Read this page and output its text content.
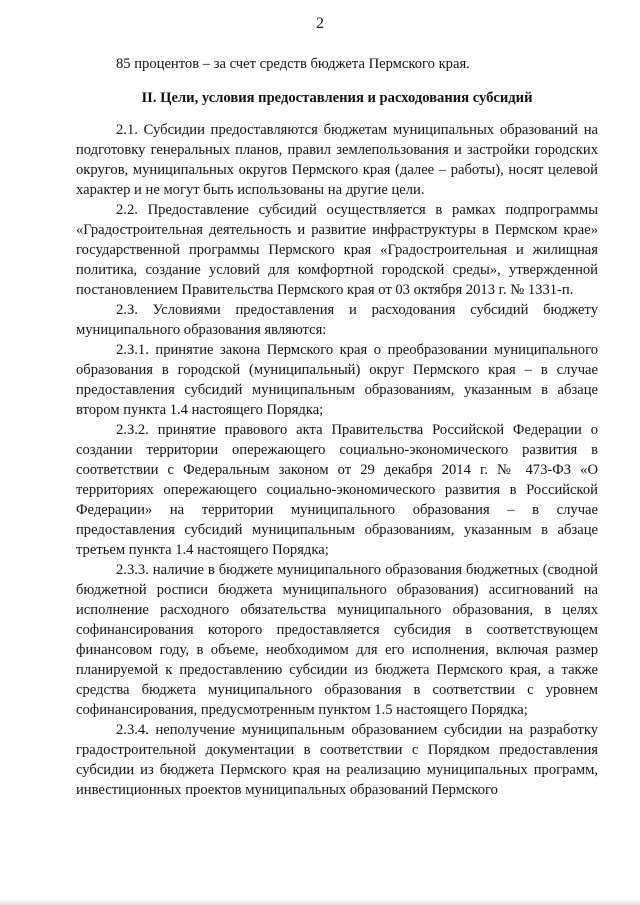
2

85 процентов – за счет средств бюджета Пермского края.

II. Цели, условия предоставления и расходования субсидий

2.1. Субсидии предоставляются бюджетам муниципальных образований на подготовку генеральных планов, правил землепользования и застройки городских округов, муниципальных округов Пермского края (далее – работы), носят целевой характер и не могут быть использованы на другие цели.

2.2. Предоставление субсидий осуществляется в рамках подпрограммы «Градостроительная деятельность и развитие инфраструктуры в Пермском крае» государственной программы Пермского края «Градостроительная и жилищная политика, создание условий для комфортной городской среды», утвержденной постановлением Правительства Пермского края от 03 октября 2013 г. № 1331-п.

2.3. Условиями предоставления и расходования субсидий бюджету муниципального образования являются:

2.3.1. принятие закона Пермского края о преобразовании муниципального образования в городской (муниципальный) округ Пермского края – в случае предоставления субсидий муниципальным образованиям, указанным в абзаце втором пункта 1.4 настоящего Порядка;

2.3.2. принятие правового акта Правительства Российской Федерации о создании территории опережающего социально-экономического развития в соответствии с Федеральным законом от 29 декабря 2014 г. № 473-ФЗ «О территориях опережающего социально-экономического развития в Российской Федерации» на территории муниципального образования – в случае предоставления субсидий муниципальным образованиям, указанным в абзаце третьем пункта 1.4 настоящего Порядка;

2.3.3. наличие в бюджете муниципального образования бюджетных (сводной бюджетной росписи бюджета муниципального образования) ассигнований на исполнение расходного обязательства муниципального образования, в целях софинансирования которого предоставляется субсидия в соответствующем финансовом году, в объеме, необходимом для его исполнения, включая размер планируемой к предоставлению субсидии из бюджета Пермского края, а также средства бюджета муниципального образования в соответствии с уровнем софинансирования, предусмотренным пунктом 1.5 настоящего Порядка;

2.3.4. неполучение муниципальным образованием субсидии на разработку градостроительной документации в соответствии с Порядком предоставления субсидии из бюджета Пермского края на реализацию муниципальных программ, инвестиционных проектов муниципальных образований Пермского
